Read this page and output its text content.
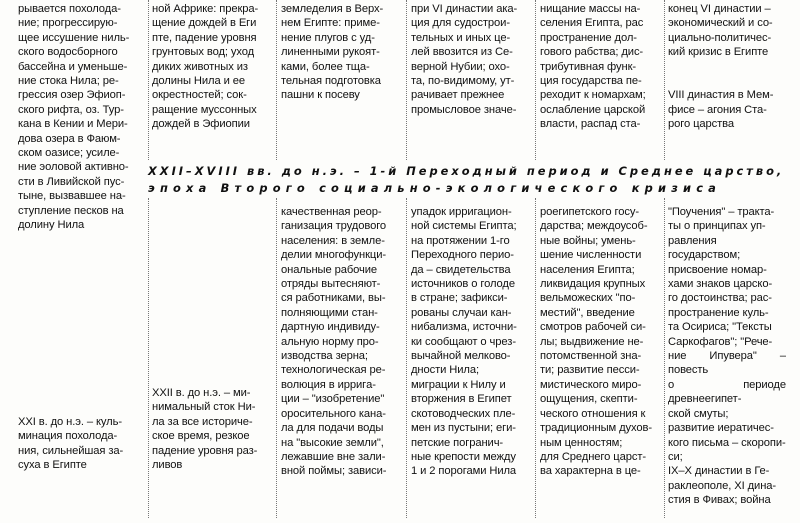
рывается похолода-
ние; прогрессирую-
щее иссушение ниль-
ского водосборного
бассейна и уменьше-
ние стока Нила; ре-
грессия озер Эфиоп-
ского рифта, оз. Тур-
кана в Кении и Мери-
дова озера в Фаюм-
ском оазисе; усиле-
ние эоловой активно-
сти в Ливийской пус-
тыне, вызвавшее на-
ступление песков на
долину Нила

ной Африке: прекра-
щение дождей в Еги
пте, падение уровня
грунтовых вод; уход
диких животных из
долины Нила и ее
окрестностей; сок-
ращение муссонных
дождей в Эфиопии

земледелия в Верх-
нем Египте: приме-
нение плугов с уд-
линенными рукоят-
ками, более тща-
тельная подготовка
пашни к посеву

при VI династии ака-
ция для судострои-
тельных и иных це-
лей ввозится из Се-
верной Нубии; охо-
та, по-видимому, ут-
рачивает прежнее
промысловое значе-

нищание массы на-
селения Египта, рас
пространение дол-
гового рабства; дис-
трибутивная функ-
ция государства пе-
реходит к номархам;
ослабление царской
власти, распад ста-

конец VI династии –
экономический и со-
циально-политичес-
кий кризис в Египте

VIII династия в Мем-
фисе – агония Ста-
рого царства

XXII–XVIII вв. до н.э. – 1-й Переходный период и Среднее царство,
эпоха Второго социально-экологического кризиса

XXI в. до н.э. – куль-
минация похолода-
ния, сильнейшая за-
суха в Египте

XXII в. до н.э. – ми-
нимальный сток Ни-
ла за все историче-
ское время, резкое
падение уровня раз-
ливов

качественная реор-
ганизация трудового
населения: в земле-
делии многофункци-
ональные рабочие
отряды вытесняют-
ся работниками, вы-
полняющими стан-
дартную индивиду-
альную норму про-
изводства зерна;
технологическая ре-
волюция в ирригa-
ции – "изобретение"
оросительного кана-
ла для подачи воды
на "высокие земли",
лежавшие вне зали-
вной поймы; зависи-

упадок ирригацион-
ной системы Египта;
на протяжении 1-го
Переходного перио-
да – свидетельства
источников о голоде
в стране; зафикси-
рованы случаи кан-
нибализма, источни-
ки сообщают о чрез-
вычайной мелково-
дности Нила;
миграции к Нилу и
вторжения в Египет
скотоводческих пле-
мен из пустыни; еги-
петские погранич-
ные крепости между
1 и 2 порогами Нила

роегипетского госу-
дарства; междоусоб-
ные войны; умень-
шение численности
населения Египта;
ликвидация крупных
вельможеских "по-
местий", введение
смотров рабочей си-
лы; выдвижение не-
потомственной зна-
ти; развитие песси-
мистического миро-
ощущения, скепти-
ческого отношения к
традиционным духов-
ным ценностям;
для Среднего царст-
ва характерна в це-

"Поучения" – тракта-
ты о принципах уп-
равления государством;
присвоение номар-
хами знаков царско-
го достоинства; рас-
пространение куль-
та Осириса; "Тексты
Саркофагов"; "Рече-
ние Ипувера" – повесть
о периоде древнеегипет-
ской смуты;
развитие иератичес-
кого письма – скоропи-
си;
IX–X династии в Ге-
раклеополе, XI дина-
стия в Фивах; война
